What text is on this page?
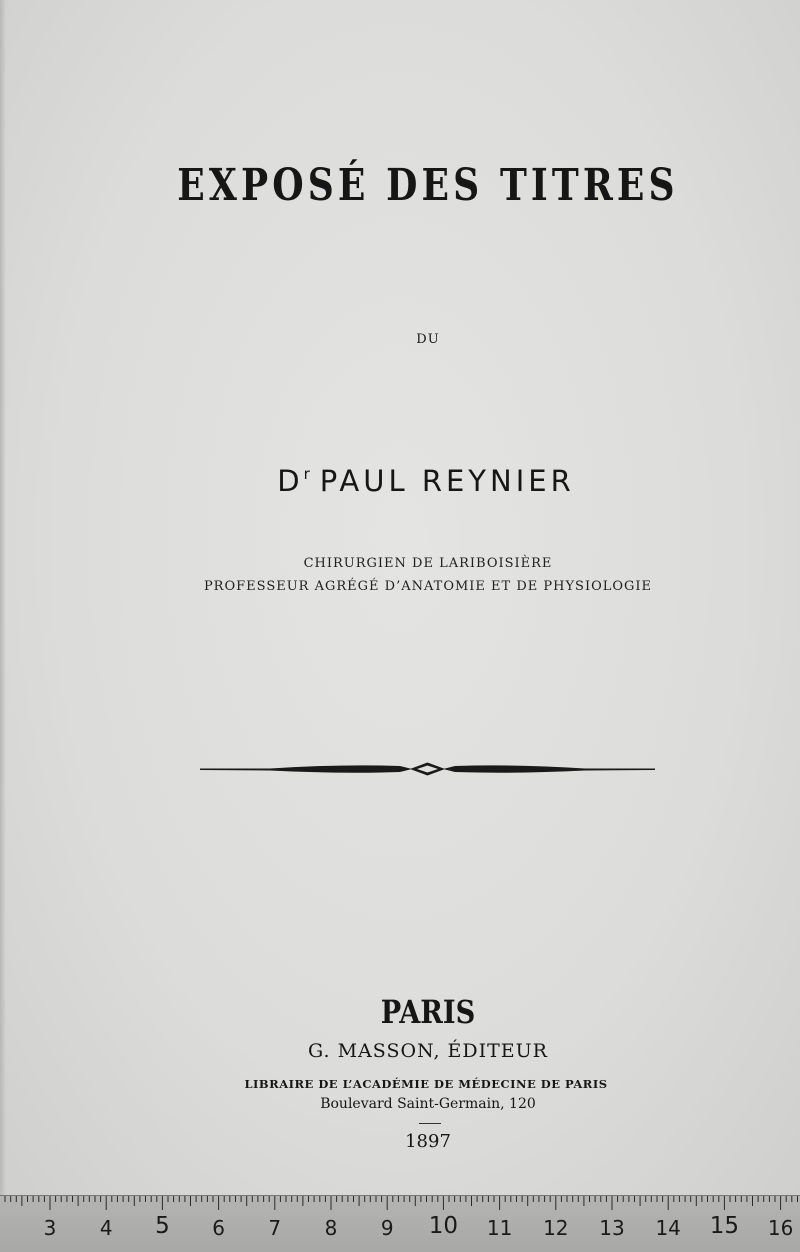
EXPOSÉ DES TITRES
DU
$D^r$ PAUL REYNIER
CHIRURGIEN DE LARIBOISIÈRE
PROFESSEUR AGRÉGÉ D’ANATOMIE ET DE PHYSIOLOGIE
PARIS
G. MASSON, ÉDITEUR
LIBRAIRE DE L’ACADÉMIE DE MÉDECINE DE PARIS
Boulevard Saint-Germain, 120
1897
3 4 5 6 7 8 9 10 11 12 13 14 15 16
